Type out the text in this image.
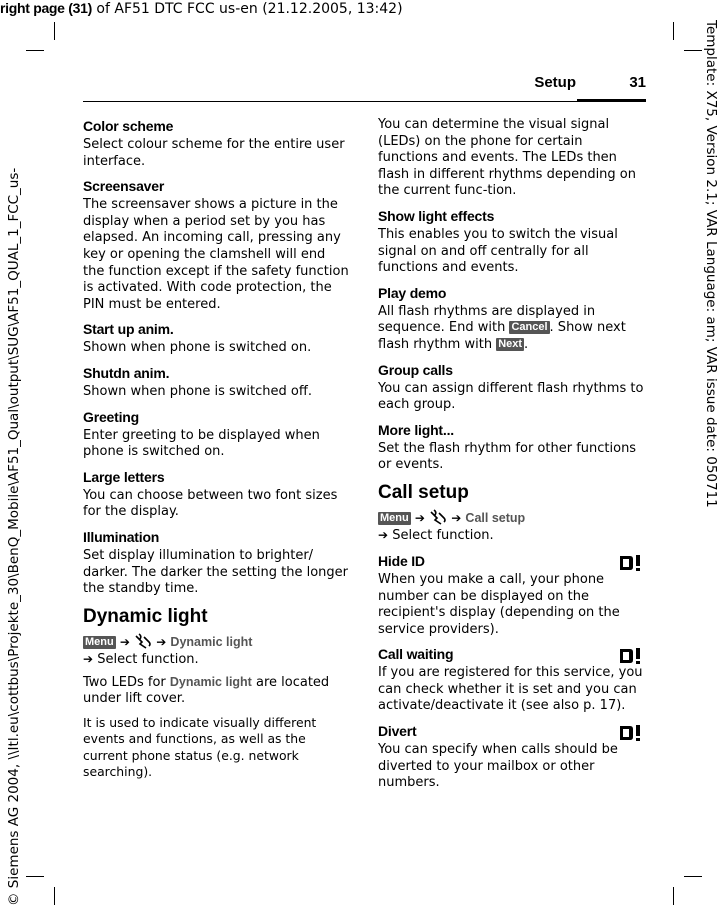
right page (31) of AF51 DTC FCC us-en (21.12.2005, 13:42)
Template: X75, Version 2.1; VAR Language: am; VAR issue date: 050711
© Siemens AG 2004, \\Itl.eu\cottbus\Projekte_30\BenQ_Mobile\AF51_Qual\output\SUG\AF51_QUAL_1_FCC_us-
Setup	31
Color scheme
Select colour scheme for the entire user interface.
Screensaver
The screensaver shows a picture in the display when a period set by you has elapsed. An incoming call, pressing any key or opening the clamshell will end the function except if the safety function is activated. With code protection, the PIN must be entered.
Start up anim.
Shown when phone is switched on.
Shutdn anim.
Shown when phone is switched off.
Greeting
Enter greeting to be displayed when phone is switched on.
Large letters
You can choose between two font sizes for the display.
Illumination
Set display illumination to brighter/ darker. The darker the setting the longer the standby time.
Dynamic light
Menu ➔ ➔ Dynamic light
➔ Select function.
Two LEDs for Dynamic light are located under lift cover.
It is used to indicate visually different events and functions, as well as the current phone status (e.g. network searching).
You can determine the visual signal (LEDs) on the phone for certain functions and events. The LEDs then flash in different rhythms depending on the current func-tion.
Show light effects
This enables you to switch the visual signal on and off centrally for all functions and events.
Play demo
All flash rhythms are displayed in sequence. End with Cancel . Show next flash rhythm with Next .
Group calls
You can assign different flash rhythms to each group.
More light...
Set the flash rhythm for other functions or events.
Call setup
Menu ➔ ➔ Call setup
➔ Select function.
Hide ID
When you make a call, your phone number can be displayed on the recipient's display (depending on the service providers).
Call waiting
If you are registered for this service, you can check whether it is set and you can activate/deactivate it (see also p. 17).
Divert
You can specify when calls should be diverted to your mailbox or other numbers.
